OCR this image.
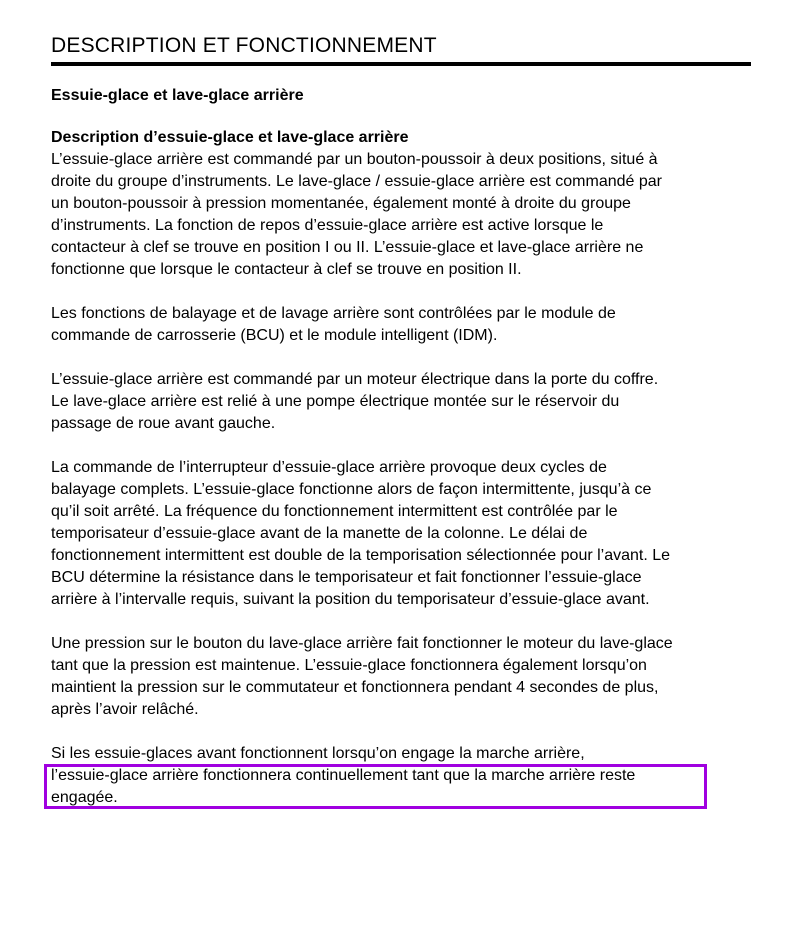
DESCRIPTION ET FONCTIONNEMENT
Essuie-glace et lave-glace arrière
Description d’essuie-glace et lave-glace arrière

L’essuie-glace arrière est commandé par un bouton-poussoir à deux positions, situé à
droite du groupe d’instruments. Le lave-glace / essuie-glace arrière est commandé par
un bouton-poussoir à pression momentanée, également monté à droite du groupe
d’instruments. La fonction de repos d’essuie-glace arrière est active lorsque le
contacteur à clef se trouve en position I ou II. L’essuie-glace et lave-glace arrière ne
fonctionne que lorsque le contacteur à clef se trouve en position II.

Les fonctions de balayage et de lavage arrière sont contrôlées par le module de
commande de carrosserie (BCU) et le module intelligent (IDM).

L’essuie-glace arrière est commandé par un moteur électrique dans la porte du coffre.
Le lave-glace arrière est relié à une pompe électrique montée sur le réservoir du
passage de roue avant gauche.

La commande de l’interrupteur d’essuie-glace arrière provoque deux cycles de
balayage complets. L’essuie-glace fonctionne alors de façon intermittente, jusqu’à ce
qu’il soit arrêté. La fréquence du fonctionnement intermittent est contrôlée par le
temporisateur d’essuie-glace avant de la manette de la colonne. Le délai de
fonctionnement intermittent est double de la temporisation sélectionnée pour l’avant. Le
BCU détermine la résistance dans le temporisateur et fait fonctionner l’essuie-glace
arrière à l’intervalle requis, suivant la position du temporisateur d’essuie-glace avant.

Une pression sur le bouton du lave-glace arrière fait fonctionner le moteur du lave-glace
tant que la pression est maintenue. L’essuie-glace fonctionnera également lorsqu’on
maintient la pression sur le commutateur et fonctionnera pendant 4 secondes de plus,
après l’avoir relâché.

Si les essuie-glaces avant fonctionnent lorsqu’on engage la marche arrière,
l’essuie-glace arrière fonctionnera continuellement tant que la marche arrière reste
engagée.
